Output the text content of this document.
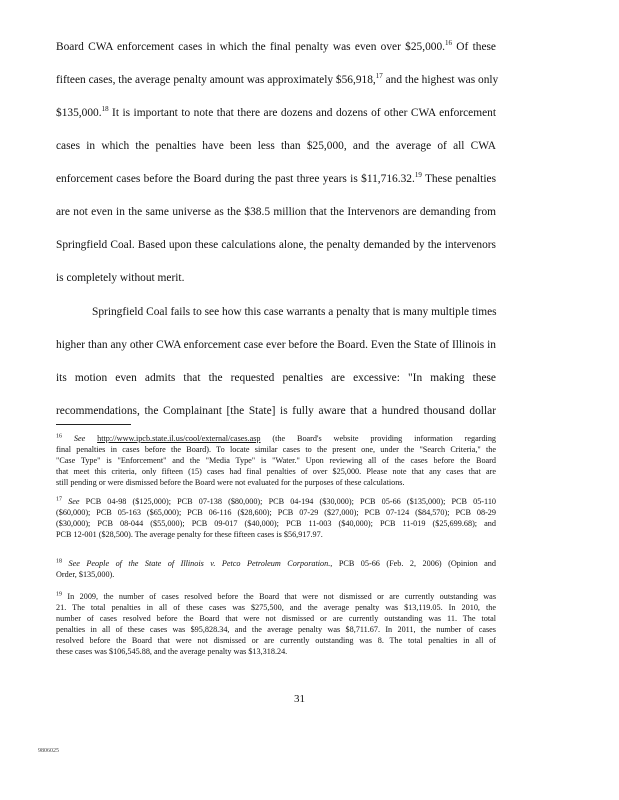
Board CWA enforcement cases in which the final penalty was even over $25,000.16 Of these
fifteen cases, the average penalty amount was approximately $56,918,17 and the highest was only
$135,000.18 It is important to note that there are dozens and dozens of other CWA enforcement
cases in which the penalties have been less than $25,000, and the average of all CWA
enforcement cases before the Board during the past three years is $11,716.32.19 These penalties
are not even in the same universe as the $38.5 million that the Intervenors are demanding from
Springfield Coal. Based upon these calculations alone, the penalty demanded by the intervenors
is completely without merit.
Springfield Coal fails to see how this case warrants a penalty that is many multiple times
higher than any other CWA enforcement case ever before the Board. Even the State of Illinois in
its motion even admits that the requested penalties are excessive: "In making these
recommendations, the Complainant [the State] is fully aware that a hundred thousand dollar
$^{16}$ See http://www.ipcb.state.il.us/cool/external/cases.asp (the Board's website providing information regarding
final penalties in cases before the Board). To locate similar cases to the present one, under the "Search Criteria," the
"Case Type" is "Enforcement" and the "Media Type" is "Water." Upon reviewing all of the cases before the Board
that meet this criteria, only fifteen (15) cases had final penalties of over $25,000. Please note that any cases that are
still pending or were dismissed before the Board were not evaluated for the purposes of these calculations.
$^{17}$ See PCB 04-98 ($125,000); PCB 07-138 ($80,000); PCB 04-194 ($30,000); PCB 05-66 ($135,000); PCB 05-110
($60,000); PCB 05-163 ($65,000); PCB 06-116 ($28,600); PCB 07-29 ($27,000); PCB 07-124 ($84,570); PCB 08-29
($30,000); PCB 08-044 ($55,000); PCB 09-017 ($40,000); PCB 11-003 ($40,000); PCB 11-019 ($25,699.68); and
PCB 12-001 ($28,500). The average penalty for these fifteen cases is $56,917.97.
$^{18}$ See People of the State of Illinois v. Petco Petroleum Corporation., PCB 05-66 (Feb. 2, 2006) (Opinion and
Order, $135,000).
$^{19}$ In 2009, the number of cases resolved before the Board that were not dismissed or are currently outstanding was
21. The total penalties in all of these cases was $275,500, and the average penalty was $13,119.05. In 2010, the
number of cases resolved before the Board that were not dismissed or are currently outstanding was 11. The total
penalties in all of these cases was $95,828.34, and the average penalty was $8,711.67. In 2011, the number of cases
resolved before the Board that were not dismissed or are currently outstanding was 8. The total penalties in all of
these cases was $106,545.88, and the average penalty was $13,318.24.
31
9806025
